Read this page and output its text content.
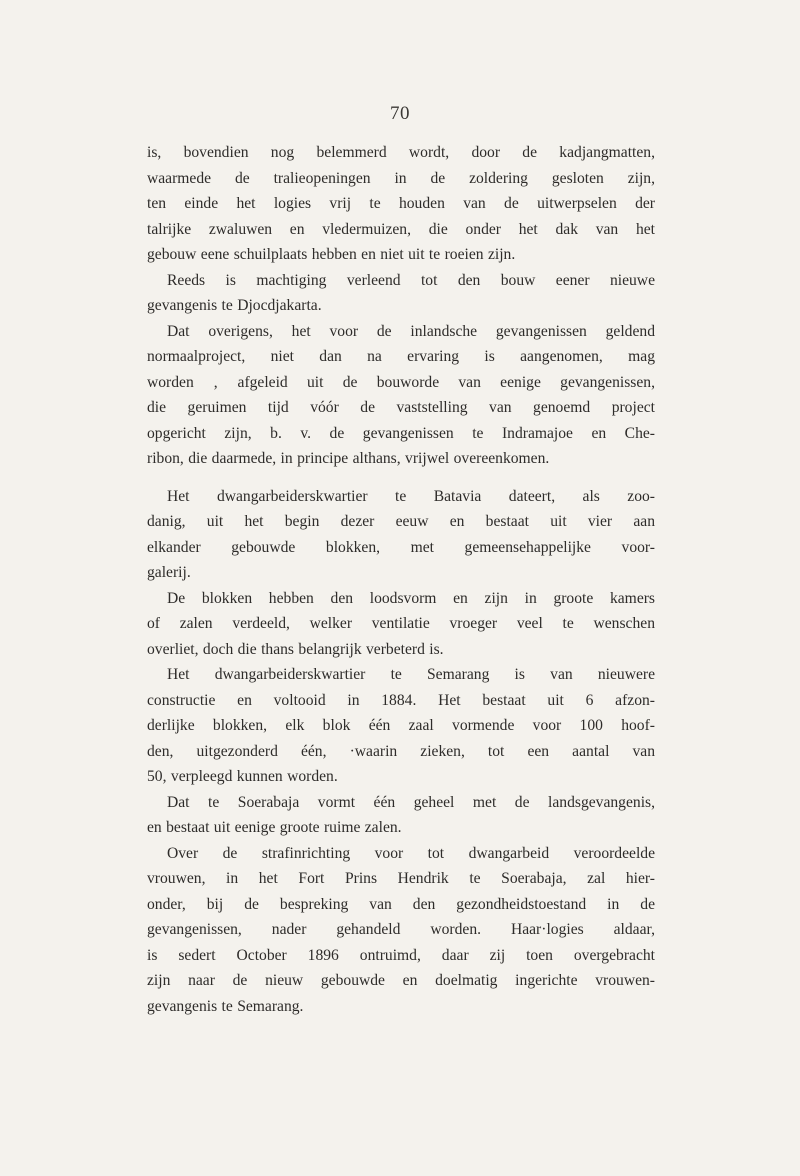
70
is, bovendien nog belemmerd wordt, door de kadjangmatten,
waarmede de tralieopeningen in de zoldering gesloten zijn,
ten einde het logies vrij te houden van de uitwerpselen der
talrijke zwaluwen en vledermuizen, die onder het dak van het
gebouw eene schuilplaats hebben en niet uit te roeien zijn.
Reeds is machtiging verleend tot den bouw eener nieuwe
gevangenis te Djocdjakarta.
Dat overigens, het voor de inlandsche gevangenissen geldend
normaalproject, niet dan na ervaring is aangenomen, mag
worden ‚ afgeleid uit de bouworde van eenige gevangenissen,
die geruimen tijd vóór de vaststelling van genoemd project
opgericht zijn, b. v. de gevangenissen te Indramajoe en Che-
ribon, die daarmede, in principe althans, vrijwel overeenkomen.
Het dwangarbeiderskwartier te Batavia dateert, als zoo-
danig, uit het begin dezer eeuw en bestaat uit vier aan
elkander gebouwde blokken, met gemeensehappelijke voor-
galerij.
De blokken hebben den loodsvorm en zijn in groote kamers
of zalen verdeeld, welker ventilatie vroeger veel te wenschen
overliet, doch die thans belangrijk verbeterd is.
Het dwangarbeiderskwartier te Semarang is van nieuwere
constructie en voltooid in 1884. Het bestaat uit 6 afzon-
derlijke blokken, elk blok één zaal vormende voor 100 hoof-
den, uitgezonderd één, ·waarin zieken, tot een aantal van
50, verpleegd kunnen worden.
Dat te Soerabaja vormt één geheel met de landsgevangenis,
en bestaat uit eenige groote ruime zalen.
Over de strafinrichting voor tot dwangarbeid veroordeelde
vrouwen, in het Fort Prins Hendrik te Soerabaja, zal hier-
onder, bij de bespreking van den gezondheidstoestand in de
gevangenissen, nader gehandeld worden. Haar·logies aldaar,
is sedert October 1896 ontruimd, daar zij toen overgebracht
zijn naar de nieuw gebouwde en doelmatig ingerichte vrouwen-
gevangenis te Semarang.
